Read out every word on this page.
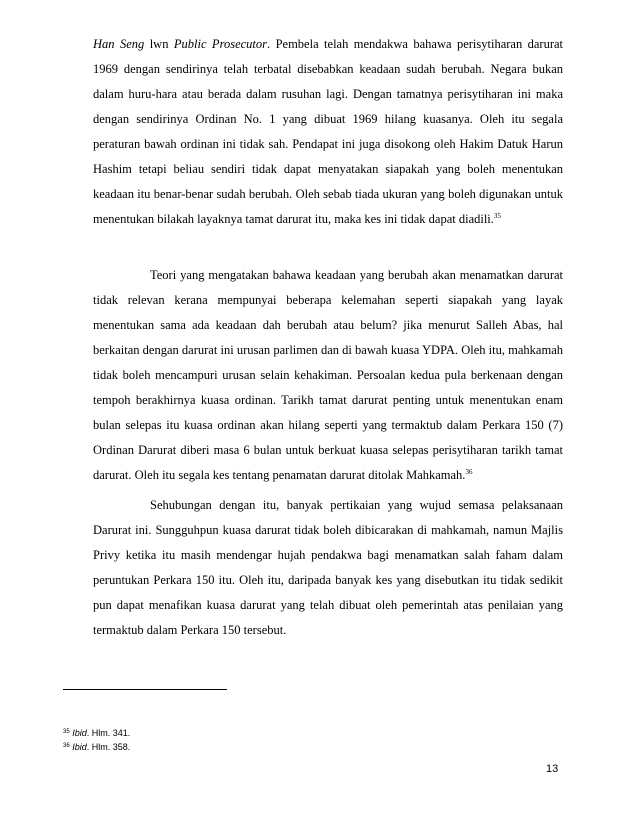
Han Seng lwn Public Prosecutor. Pembela telah mendakwa bahawa perisytiharan darurat 1969 dengan sendirinya telah terbatal disebabkan keadaan sudah berubah. Negara bukan dalam huru-hara atau berada dalam rusuhan lagi. Dengan tamatnya perisytiharan ini maka dengan sendirinya Ordinan No. 1 yang dibuat 1969 hilang kuasanya. Oleh itu segala peraturan bawah ordinan ini tidak sah. Pendapat ini juga disokong oleh Hakim Datuk Harun Hashim tetapi beliau sendiri tidak dapat menyatakan siapakah yang boleh menentukan keadaan itu benar-benar sudah berubah. Oleh sebab tiada ukuran yang boleh digunakan untuk menentukan bilakah layaknya tamat darurat itu, maka kes ini tidak dapat diadili.$^{35}$

Teori yang mengatakan bahawa keadaan yang berubah akan menamatkan darurat tidak relevan kerana mempunyai beberapa kelemahan seperti siapakah yang layak menentukan sama ada keadaan dah berubah atau belum? jika menurut Salleh Abas, hal berkaitan dengan darurat ini urusan parlimen dan di bawah kuasa YDPA. Oleh itu, mahkamah tidak boleh mencampuri urusan selain kehakiman. Persoalan kedua pula berkenaan dengan tempoh berakhirnya kuasa ordinan. Tarikh tamat darurat penting untuk menentukan enam bulan selepas itu kuasa ordinan akan hilang seperti yang termaktub dalam Perkara 150 (7) Ordinan Darurat diberi masa 6 bulan untuk berkuat kuasa selepas perisytiharan tarikh tamat darurat. Oleh itu segala kes tentang penamatan darurat ditolak Mahkamah.$^{36}$

Sehubungan dengan itu, banyak pertikaian yang wujud semasa pelaksanaan Darurat ini. Sungguhpun kuasa darurat tidak boleh dibicarakan di mahkamah, namun Majlis Privy ketika itu masih mendengar hujah pendakwa bagi menamatkan salah faham dalam peruntukan Perkara 150 itu. Oleh itu, daripada banyak kes yang disebutkan itu tidak sedikit pun dapat menafikan kuasa darurat yang telah dibuat oleh pemerintah atas penilaian yang termaktub dalam Perkara 150 tersebut.

$^{35}$ Ibid. Hlm. 341.
$^{36}$ Ibid. Hlm. 358.
13
